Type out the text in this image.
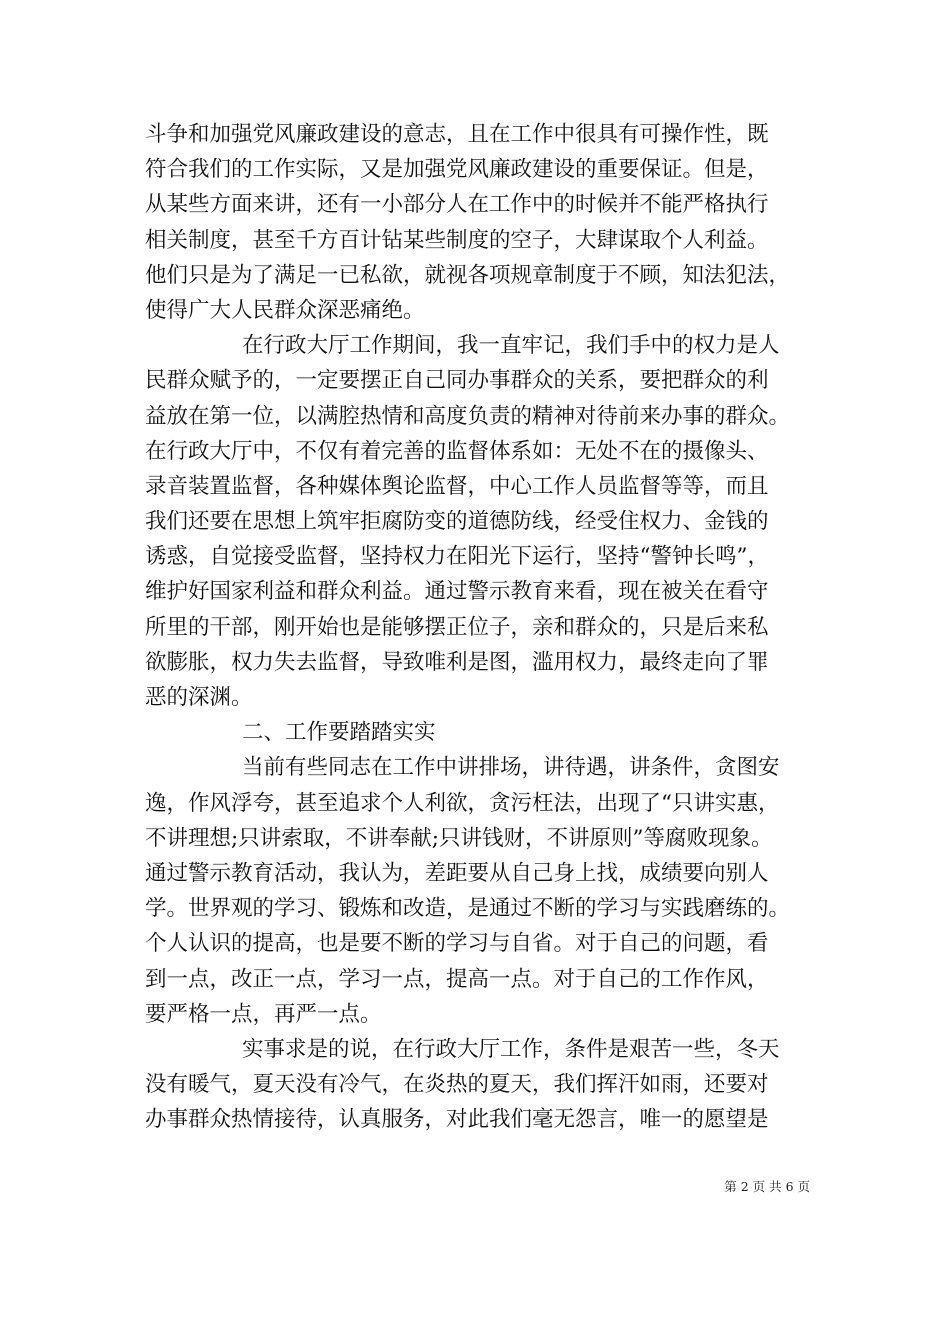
斗争和加强党风廉政建设的意志，且在工作中很具有可操作性，既
符合我们的工作实际，又是加强党风廉政建设的重要保证。但是，
从某些方面来讲，还有一小部分人在工作中的时候并不能严格执行
相关制度，甚至千方百计钻某些制度的空子，大肆谋取个人利益。
他们只是为了满足一已私欲，就视各项规章制度于不顾，知法犯法，
使得广大人民群众深恶痛绝。
在行政大厅工作期间，我一直牢记，我们手中的权力是人
民群众赋予的，一定要摆正自己同办事群众的关系，要把群众的利
益放在第一位，以满腔热情和高度负责的精神对待前来办事的群众。
在行政大厅中，不仅有着完善的监督体系如：无处不在的摄像头、
录音装置监督，各种媒体舆论监督，中心工作人员监督等等，而且
我们还要在思想上筑牢拒腐防变的道德防线，经受住权力、金钱的
诱惑，自觉接受监督，坚持权力在阳光下运行，坚持“警钟长鸣”，
维护好国家利益和群众利益。通过警示教育来看，现在被关在看守
所里的干部，刚开始也是能够摆正位子，亲和群众的，只是后来私
欲膨胀，权力失去监督，导致唯利是图，滥用权力，最终走向了罪
恶的深渊。
二、工作要踏踏实实
当前有些同志在工作中讲排场，讲待遇，讲条件，贪图安
逸，作风浮夸，甚至追求个人利欲，贪污枉法，出现了“只讲实惠，
不讲理想;只讲索取，不讲奉献;只讲钱财，不讲原则”等腐败现象。
通过警示教育活动，我认为，差距要从自己身上找，成绩要向别人
学。世界观的学习、锻炼和改造，是通过不断的学习与实践磨练的。
个人认识的提高，也是要不断的学习与自省。对于自己的问题，看
到一点，改正一点，学习一点，提高一点。对于自己的工作作风，
要严格一点，再严一点。
实事求是的说，在行政大厅工作，条件是艰苦一些，冬天
没有暖气，夏天没有冷气，在炎热的夏天，我们挥汗如雨，还要对
办事群众热情接待，认真服务，对此我们毫无怨言，唯一的愿望是
第 2 页 共 6 页
